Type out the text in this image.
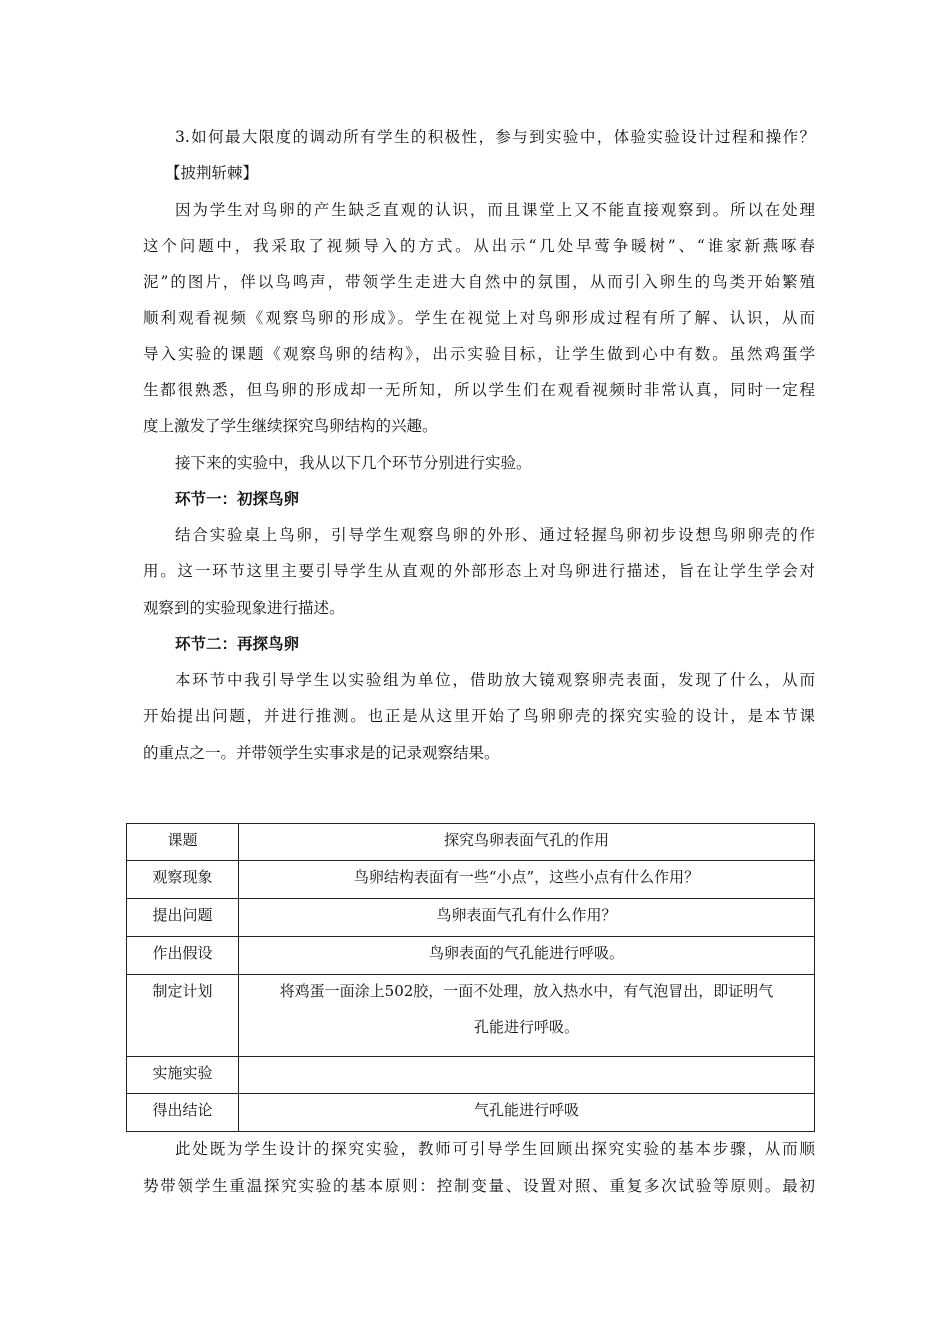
3.如何最大限度的调动所有学生的积极性，参与到实验中，体验实验设计过程和操作？
【披荆斩棘】
因为学生对鸟卵的产生缺乏直观的认识，而且课堂上又不能直接观察到。所以在处理
这个问题中，我采取了视频导入的方式。从出示“几处早莺争暖树”、“谁家新燕啄春
泥”的图片，伴以鸟鸣声，带领学生走进大自然中的氛围，从而引入卵生的鸟类开始繁殖
顺利观看视频《观察鸟卵的形成》。学生在视觉上对鸟卵形成过程有所了解、认识，从而
导入实验的课题《观察鸟卵的结构》，出示实验目标，让学生做到心中有数。虽然鸡蛋学
生都很熟悉，但鸟卵的形成却一无所知，所以学生们在观看视频时非常认真，同时一定程
度上激发了学生继续探究鸟卵结构的兴趣。
接下来的实验中，我从以下几个环节分别进行实验。
环节一：初探鸟卵
结合实验桌上鸟卵，引导学生观察鸟卵的外形、通过轻握鸟卵初步设想鸟卵卵壳的作
用。这一环节这里主要引导学生从直观的外部形态上对鸟卵进行描述，旨在让学生学会对
观察到的实验现象进行描述。
环节二：再探鸟卵
本环节中我引导学生以实验组为单位，借助放大镜观察卵壳表面，发现了什么，从而
开始提出问题，并进行推测。也正是从这里开始了鸟卵卵壳的探究实验的设计，是本节课
的重点之一。并带领学生实事求是的记录观察结果。
课题	探究鸟卵表面气孔的作用

观察现象	鸟卵结构表面有一些“小点”，这些小点有什么作用？

提出问题	鸟卵表面气孔有什么作用？

作出假设	鸟卵表面的气孔能进行呼吸。

制定计划	将鸡蛋一面涂上502胶，一面不处理，放入热水中，有气泡冒出，即证明气
孔能进行呼吸。

实施实验	

得出结论	气孔能进行呼吸
此处既为学生设计的探究实验，教师可引导学生回顾出探究实验的基本步骤，从而顺
势带领学生重温探究实验的基本原则：控制变量、设置对照、重复多次试验等原则。最初
